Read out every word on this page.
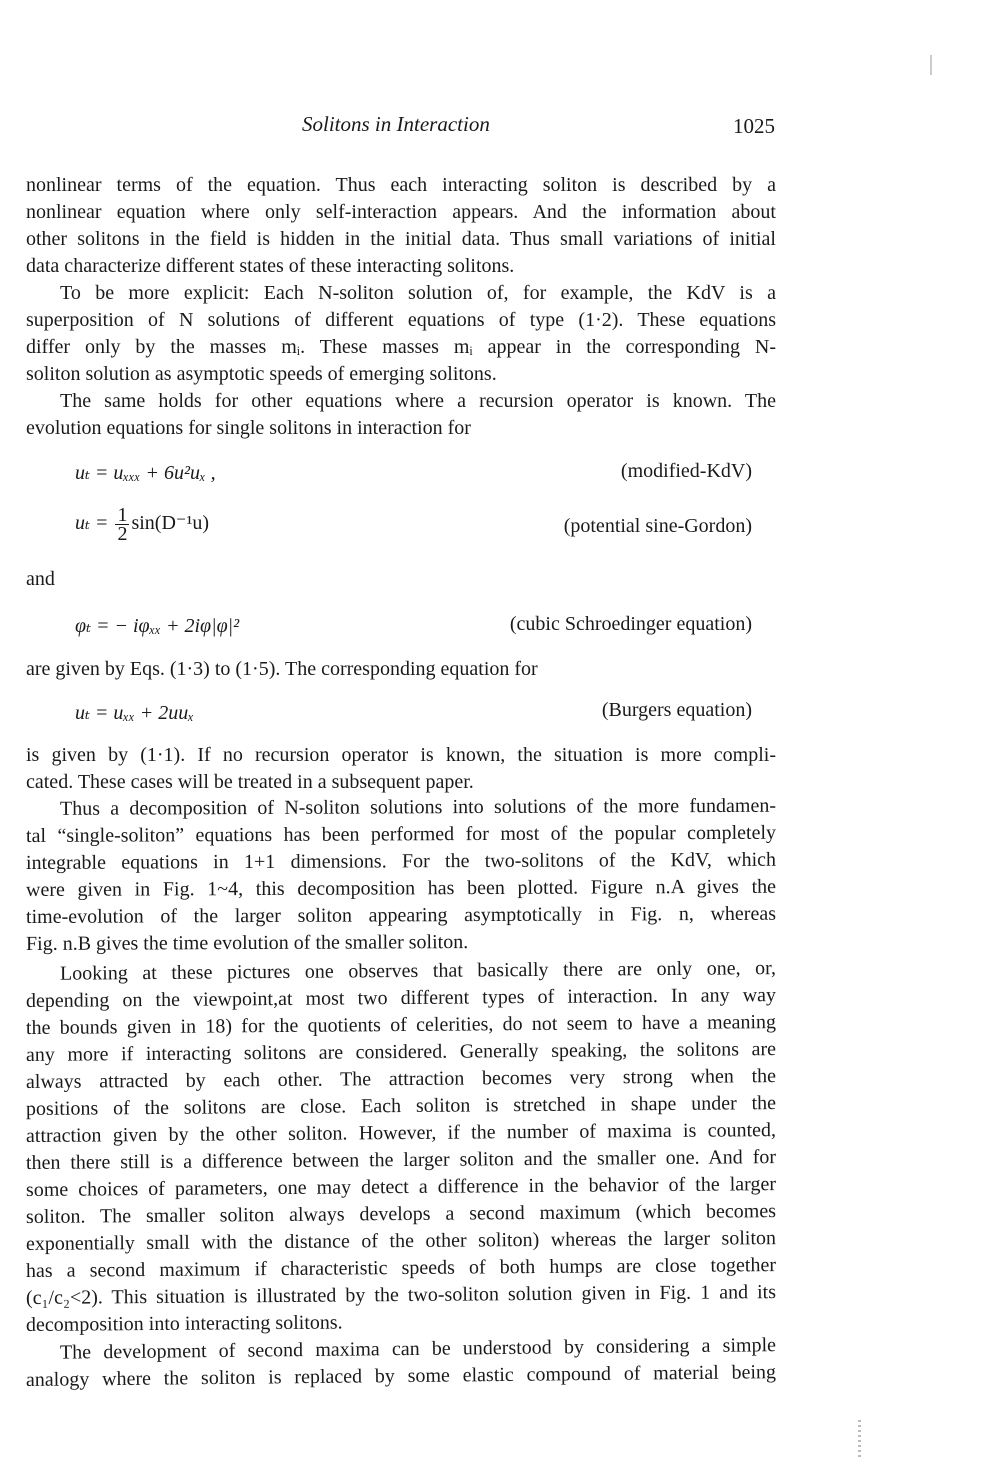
Solitons in Interaction	1025
nonlinear terms of the equation. Thus each interacting soliton is described by a
nonlinear equation where only self-interaction appears. And the information about
other solitons in the field is hidden in the initial data. Thus small variations of initial
data characterize different states of these interacting solitons.
To be more explicit: Each N-soliton solution of, for example, the KdV is a
superposition of N solutions of different equations of type (1·2). These equations
differ only by the masses mᵢ. These masses mᵢ appear in the corresponding N-
soliton solution as asymptotic speeds of emerging solitons.
The same holds for other equations where a recursion operator is known. The
evolution equations for single solitons in interaction for
uₜ = uₓₓₓ + 6u²uₓ ,	(modified-KdV)
$u_t = \frac{1}{2} \sin(D^{-1}u)$	(potential sine-Gordon)
and
φₜ = − iφₓₓ + 2iφ|φ|²	(cubic Schroedinger equation)
are given by Eqs. (1·3) to (1·5). The corresponding equation for
uₜ = uₓₓ + 2uuₓ	(Burgers equation)
is given by (1·1). If no recursion operator is known, the situation is more compli-
cated. These cases will be treated in a subsequent paper.
Thus a decomposition of N-soliton solutions into solutions of the more fundamen-
tal “single-soliton” equations has been performed for most of the popular completely
integrable equations in 1+1 dimensions. For the two-solitons of the KdV, which
were given in Fig. 1~4, this decomposition has been plotted. Figure n.A gives the
time-evolution of the larger soliton appearing asymptotically in Fig. n, whereas
Fig. n.B gives the time evolution of the smaller soliton.
Looking at these pictures one observes that basically there are only one, or,
depending on the viewpoint,at most two different types of interaction. In any way
the bounds given in 18) for the quotients of celerities, do not seem to have a meaning
any more if interacting solitons are considered. Generally speaking, the solitons are
always attracted by each other. The attraction becomes very strong when the
positions of the solitons are close. Each soliton is stretched in shape under the
attraction given by the other soliton. However, if the number of maxima is counted,
then there still is a difference between the larger soliton and the smaller one. And for
some choices of parameters, one may detect a difference in the behavior of the larger
soliton. The smaller soliton always develops a second maximum (which becomes
exponentially small with the distance of the other soliton) whereas the larger soliton
has a second maximum if characteristic speeds of both humps are close together
(c₁/c₂<2). This situation is illustrated by the two-soliton solution given in Fig. 1 and its
decomposition into interacting solitons.
The development of second maxima can be understood by considering a simple
analogy where the soliton is replaced by some elastic compound of material being
